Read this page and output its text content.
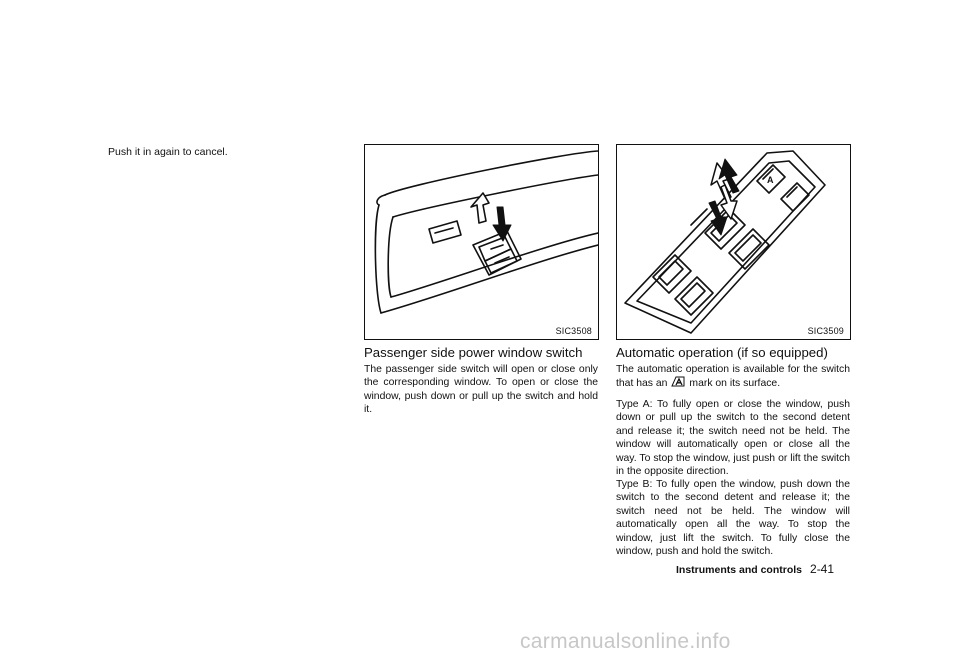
Push it in again to cancel.
SIC3508
A
SIC3509
Passenger side power window switch

The passenger side switch will open or close only the corresponding window. To open or close the window, push down or pull up the switch and hold it.

Automatic operation (if so equipped)

The automatic operation is available for the switch that has an mark on its surface.

Type A: To fully open or close the window, push down or pull up the switch to the second detent and release it; the switch need not be held. The window will automatically open or close all the way. To stop the window, just push or lift the switch in the opposite direction.

Type B: To fully open the window, push down the switch to the second detent and release it; the switch need not be held. The window will automatically open all the way. To stop the window, just lift the switch. To fully close the window, push and hold the switch.

Instruments and controls 2-41
carmanualsonline.info
